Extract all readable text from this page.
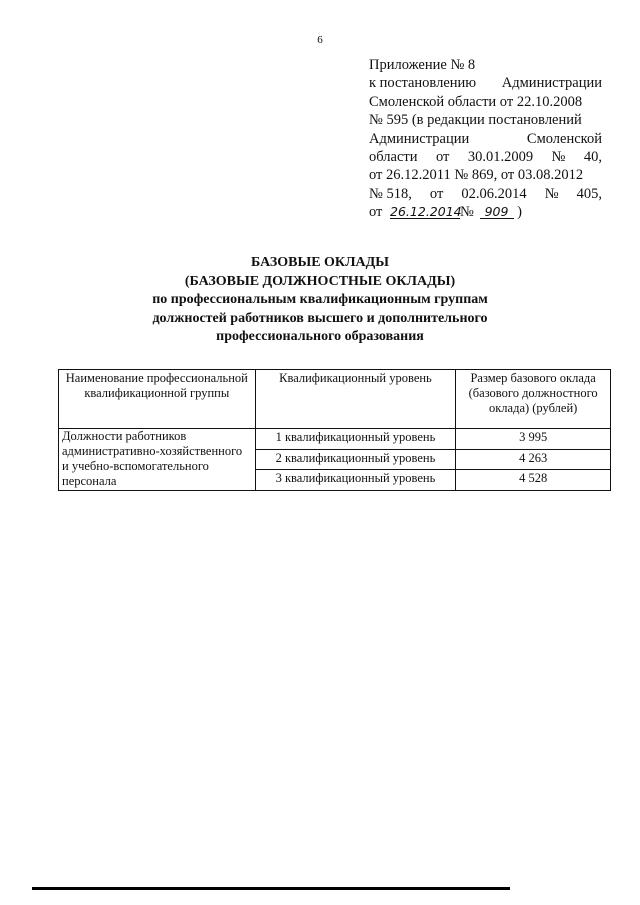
6
Приложение № 8
к постановлению Администрации
Смоленской области от 22.10.2008
№ 595 (в редакции постановлений
Администрации	Смоленской
области от 30.01.2009 № 40,
от 26.12.2011 № 869, от 03.08.2012
№ 518, от 02.06.2014 № 405,
от 26.12.2014№ 909 )
БАЗОВЫЕ ОКЛАДЫ
(БАЗОВЫЕ ДОЛЖНОСТНЫЕ ОКЛАДЫ)
по профессиональным квалификационным группам
должностей работников высшего и дополнительного
профессионального образования
Наименование профессиональной квалификационной группы	Квалификационный уровень	Размер базового оклада (базового должностного оклада) (рублей)
Должности работников административно-хозяйственного и учебно-вспомогательного персонала	1 квалификационный уровень	3 995
	2 квалификационный уровень	4 263
	3 квалификационный уровень	4 528
